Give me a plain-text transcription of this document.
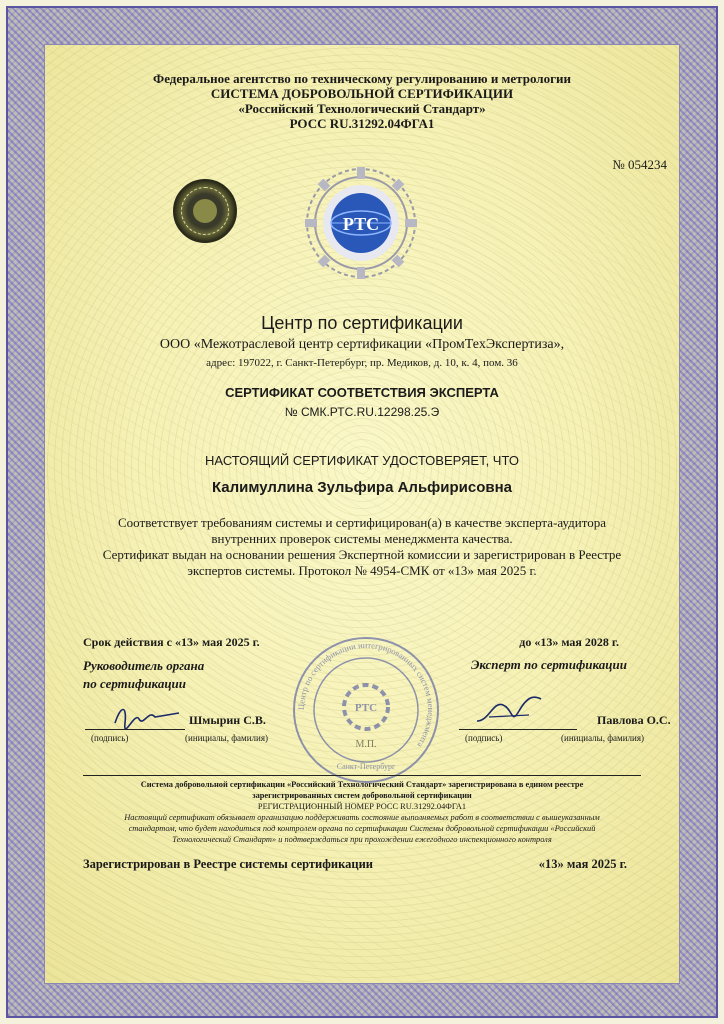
Федеральное агентство по техническому регулированию и метрологии
СИСТЕМА ДОБРОВОЛЬНОЙ СЕРТИФИКАЦИИ
«Российский Технологический Стандарт»
РОСС RU.31292.04ФГА1
№ 054234
РТС
Центр по сертификации
ООО «Межотраслевой центр сертификации «ПромТехЭкспертиза»,
адрес: 197022, г. Санкт-Петербург, пр. Медиков, д. 10, к. 4, пом. 36
СЕРТИФИКАТ СООТВЕТСТВИЯ ЭКСПЕРТА
№ СМК.РТС.RU.12298.25.Э
НАСТОЯЩИЙ СЕРТИФИКАТ УДОСТОВЕРЯЕТ, ЧТО
Калимуллина Зульфира Альфирисовна
Соответствует требованиям системы и сертифицирован(а) в качестве эксперта-аудитора
внутренних проверок системы менеджмента качества.
Сертификат выдан на основании решения Экспертной комиссии и зарегистрирован в Реестре
экспертов системы. Протокол № 4954-СМК от «13» мая 2025 г.
Срок действия с «13» мая 2025 г.	до «13» мая 2028 г.
Руководитель органа
по сертификации
Эксперт по сертификации
Шмырин С.В.
(подпись)	(инициалы, фамилия)
Центр по сертификации интегрированных систем менеджмента
РТС
М.П.
Санкт-Петербург
Павлова О.С.
(подпись)	(инициалы, фамилия)
Система добровольной сертификации «Российский Технологический Стандарт» зарегистрирована в едином реестре
зарегистрированных систем добровольной сертификации
РЕГИСТРАЦИОННЫЙ НОМЕР РОСС RU.31292.04ФГА1
Настоящий сертификат обязывает организацию поддерживать состояние выполняемых работ в соответствии с вышеуказанным
стандартом, что будет находиться под контролем органа по сертификации Системы добровольной сертификации «Российский
Технологический Стандарт» и подтверждаться при прохождении ежегодного инспекционного контроля
Зарегистрирован в Реестре системы сертификации	«13» мая 2025 г.
